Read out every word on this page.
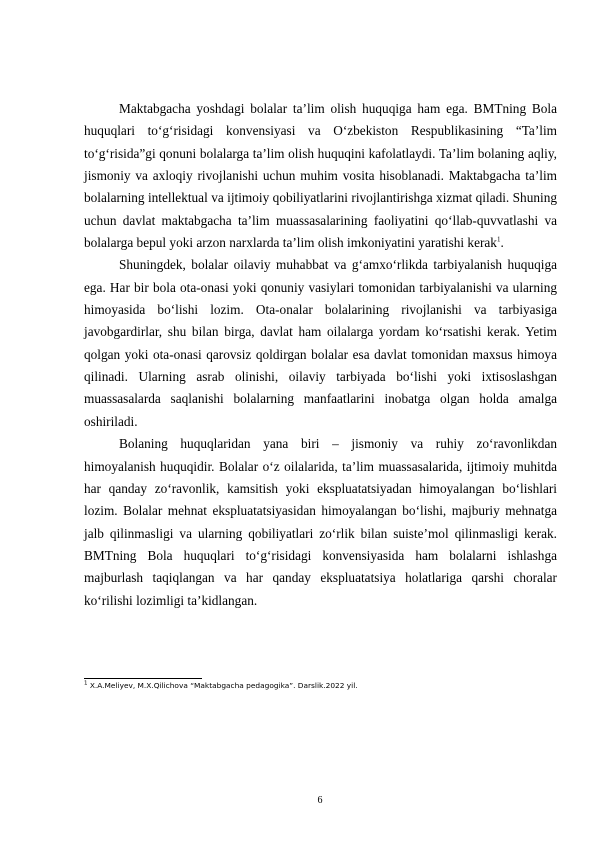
Maktabgacha yoshdagi bolalar ta’lim olish huquqiga ham ega. BMTning Bola huquqlari to‘g‘risidagi konvensiyasi va O‘zbekiston Respublikasining “Ta’lim to‘g‘risida”gi qonuni bolalarga ta’lim olish huquqini kafolatlaydi. Ta’lim bolaning aqliy, jismoniy va axloqiy rivojlanishi uchun muhim vosita hisoblanadi. Maktabgacha ta’lim bolalarning intellektual va ijtimoiy qobiliyatlarini rivojlantirishga xizmat qiladi. Shuning uchun davlat maktabgacha ta’lim muassasalarining faoliyatini qo‘llab-quvvatlashi va bolalarga bepul yoki arzon narxlarda ta’lim olish imkoniyatini yaratishi kerak$^1$.

Shuningdek, bolalar oilaviy muhabbat va g‘amxo‘rlikda tarbiyalanish huquqiga ega. Har bir bola ota-onasi yoki qonuniy vasiylari tomonidan tarbiyalanishi va ularning himoyasida bo‘lishi lozim. Ota-onalar bolalarining rivojlanishi va tarbiyasiga javobgardirlar, shu bilan birga, davlat ham oilalarga yordam ko‘rsatishi kerak. Yetim qolgan yoki ota-onasi qarovsiz qoldirgan bolalar esa davlat tomonidan maxsus himoya qilinadi. Ularning asrab olinishi, oilaviy tarbiyada bo‘lishi yoki ixtisoslashgan muassasalarda saqlanishi bolalarning manfaatlarini inobatga olgan holda amalga oshiriladi.

Bolaning huquqlaridan yana biri – jismoniy va ruhiy zo‘ravonlikdan himoyalanish huquqidir. Bolalar o‘z oilalarida, ta’lim muassasalarida, ijtimoiy muhitda har qanday zo‘ravonlik, kamsitish yoki ekspluatatsiyadan himoyalangan bo‘lishlari lozim. Bolalar mehnat ekspluatatsiyasidan himoyalangan bo‘lishi, majburiy mehnatga jalb qilinmasligi va ularning qobiliyatlari zo‘rlik bilan suiste’mol qilinmasligi kerak. BMTning Bola huquqlari to‘g‘risidagi konvensiyasida ham bolalarni ishlashga majburlash taqiqlangan va har qanday ekspluatatsiya holatlariga qarshi choralar ko‘rilishi lozimligi ta’kidlangan.

$^1$ X.A.Meliyev, M.X.Qilichova “Maktabgacha pedagogika”. Darslik.2022 yil.
6
